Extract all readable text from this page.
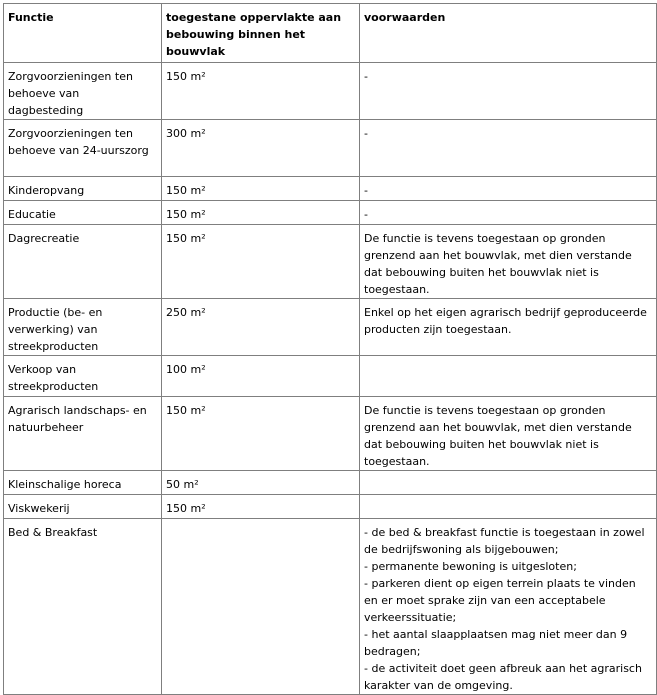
Functie	toegestane oppervlakte aan bebouwing binnen het bouwvlak	voorwaarden
Zorgvoorzieningen ten behoeve van dagbesteding	150 m²	-

Zorgvoorzieningen ten behoeve van 24-uurszorg	300 m²	-

Kinderopvang	150 m²	-

Educatie	150 m²	-

Dagrecreatie	150 m²	De functie is tevens toegestaan op gronden grenzend aan het bouwvlak, met dien verstande dat bebouwing buiten het bouwvlak niet is toegestaan.

Productie (be- en verwerking) van streekproducten	250 m²	Enkel op het eigen agrarisch bedrijf geproduceerde producten zijn toegestaan.

Verkoop van streekproducten	100 m²	

Agrarisch landschaps- en natuurbeheer	150 m²	De functie is tevens toegestaan op gronden grenzend aan het bouwvlak, met dien verstande dat bebouwing buiten het bouwvlak niet is toegestaan.

Kleinschalige horeca	50 m²	

Viskwekerij	150 m²	

Bed & Breakfast		- de bed & breakfast functie is toegestaan in zowel de bedrijfswoning als bijgebouwen;
- permanente bewoning is uitgesloten;
- parkeren dient op eigen terrein plaats te vinden en er moet sprake zijn van een acceptabele verkeerssituatie;
- het aantal slaapplaatsen mag niet meer dan 9 bedragen;
- de activiteit doet geen afbreuk aan het agrarisch karakter van de omgeving.
